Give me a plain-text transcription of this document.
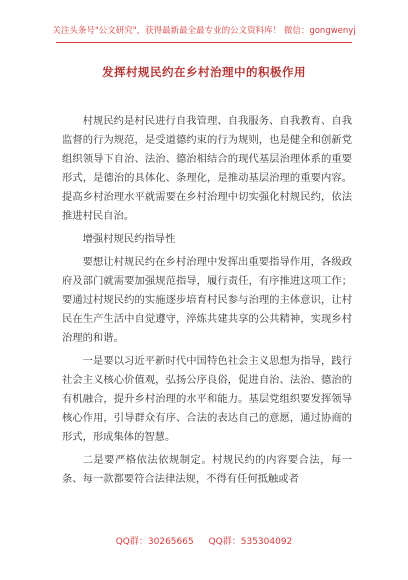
关注头条号"公文研究"，获得最新最全最专业的公文资料库！ 微信：gongwenyj
发挥村规民约在乡村治理中的积极作用

村规民约是村民进行自我管理、自我服务、自我教育、自我监督的行为规范，是受道德约束的行为规则，也是健全和创新党组织领导下自治、法治、德治相结合的现代基层治理体系的重要形式，是德治的具体化、条理化，是推动基层治理的重要内容。提高乡村治理水平就需要在乡村治理中切实强化村规民约，依法推进村民自治。

增强村规民约指导性

要想让村规民约在乡村治理中发挥出重要指导作用，各级政府及部门就需要加强规范指导，履行责任，有序推进这项工作；要通过村规民约的实施逐步培育村民参与治理的主体意识，让村民在生产生活中自觉遵守，淬炼共建共享的公共精神，实现乡村治理的和谐。

一是要以习近平新时代中国特色社会主义思想为指导，践行社会主义核心价值观，弘扬公序良俗，促进自治、法治、德治的有机融合，提升乡村治理的水平和能力。基层党组织要发挥领导核心作用，引导群众有序、合法的表达自己的意愿，通过协商的形式，形成集体的智慧。

二是要严格依法依规制定。村规民约的内容要合法，每一条、每一款都要符合法律法规，不得有任何抵触或者

QQ群：30265665 QQ群：535304092
